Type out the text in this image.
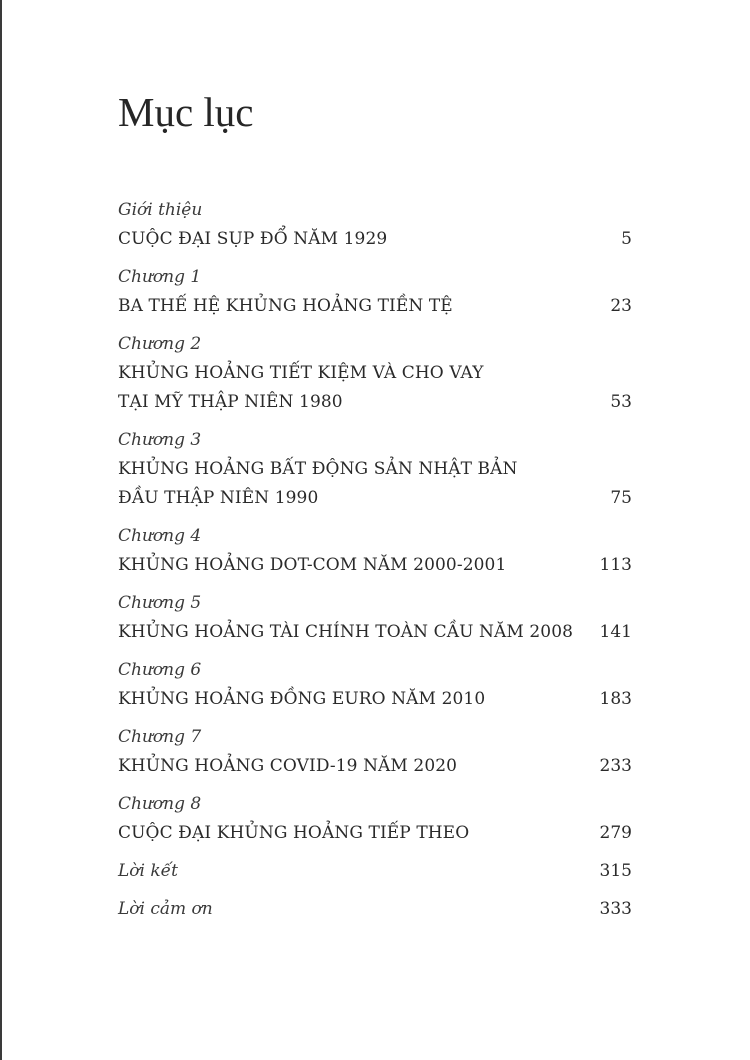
Mục lục
Giới thiệu
CUỘC ĐẠI SỤP ĐỔ NĂM 1929	5
Chương 1
BA THẾ HỆ KHỦNG HOẢNG TIỀN TỆ	23
Chương 2
KHỦNG HOẢNG TIẾT KIỆM VÀ CHO VAY
TẠI MỸ THẬP NIÊN 1980	53
Chương 3
KHỦNG HOẢNG BẤT ĐỘNG SẢN NHẬT BẢN
ĐẦU THẬP NIÊN 1990	75
Chương 4
KHỦNG HOẢNG DOT-COM NĂM 2000-2001	113
Chương 5
KHỦNG HOẢNG TÀI CHÍNH TOÀN CẦU NĂM 2008	141
Chương 6
KHỦNG HOẢNG ĐỒNG EURO NĂM 2010	183
Chương 7
KHỦNG HOẢNG COVID-19 NĂM 2020	233
Chương 8
CUỘC ĐẠI KHỦNG HOẢNG TIẾP THEO	279
Lời kết	315
Lời cảm ơn	333
